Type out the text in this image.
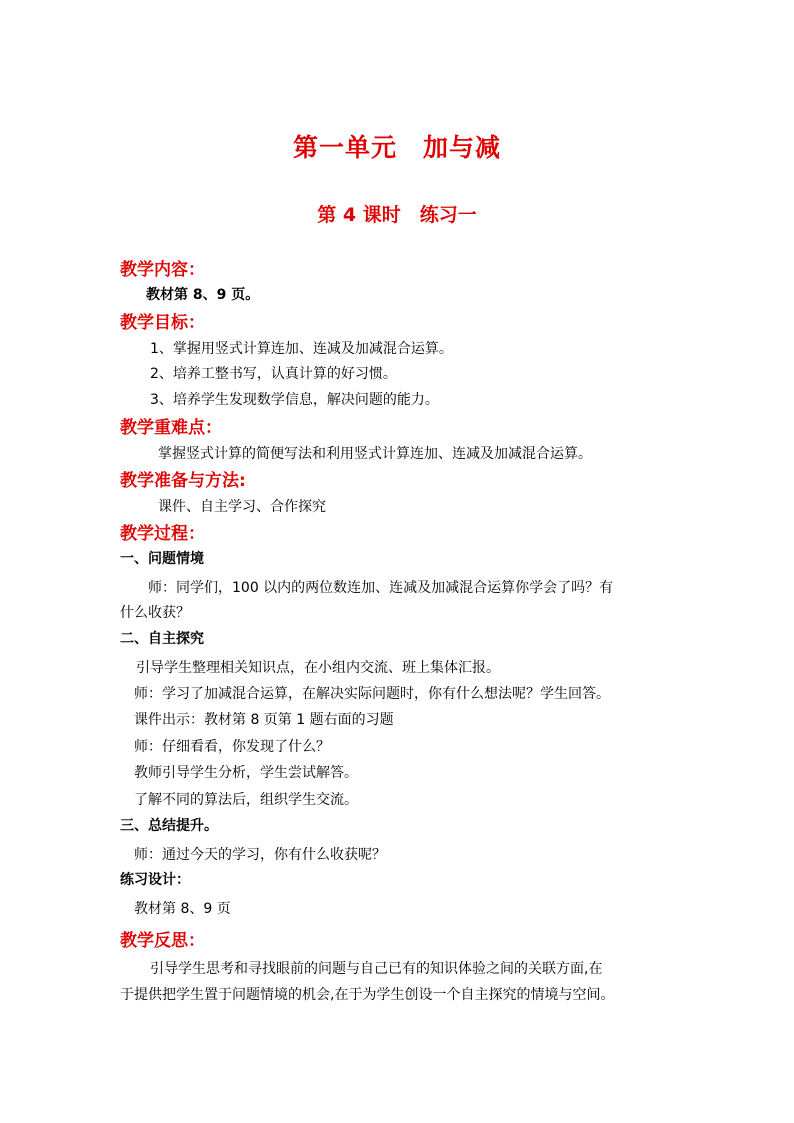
第一单元　加与减
第 4 课时　练习一
教学内容：
教材第 8、9 页。
教学目标：
1、掌握用竖式计算连加、连减及加减混合运算。
2、培养工整书写，认真计算的好习惯。
3、培养学生发现数学信息，解决问题的能力。
教学重难点：
掌握竖式计算的简便写法和利用竖式计算连加、连减及加减混合运算。
教学准备与方法:
课件、自主学习、合作探究
教学过程：
一、问题情境
师：同学们，100 以内的两位数连加、连减及加减混合运算你学会了吗？有
什么收获？
二、自主探究
引导学生整理相关知识点，在小组内交流、班上集体汇报。
师：学习了加减混合运算，在解决实际问题时，你有什么想法呢？学生回答。
课件出示：教材第 8 页第 1 题右面的习题
师：仔细看看，你发现了什么？
教师引导学生分析，学生尝试解答。
了解不同的算法后，组织学生交流。
三、总结提升。
师：通过今天的学习，你有什么收获呢？
练习设计：
教材第 8、9 页
教学反思：
引导学生思考和寻找眼前的问题与自己已有的知识体验之间的关联方面,在
于提供把学生置于问题情境的机会,在于为学生创设一个自主探究的情境与空间。
